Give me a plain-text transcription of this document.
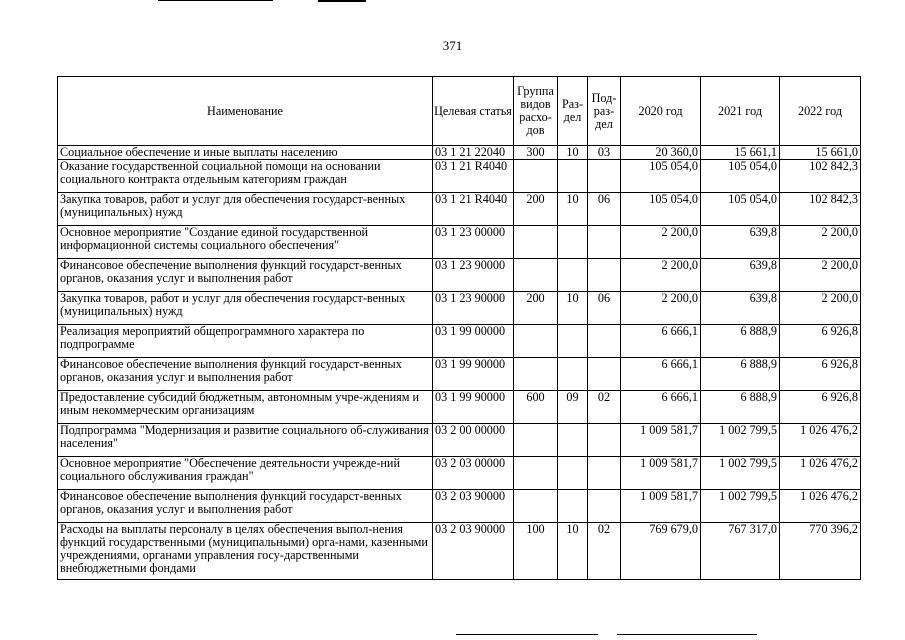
371
Наименование	Целевая статья	Группа видов расхо-дов	Раз-дел	Под-раз-дел	2020 год	2021 год	2022 год
Социальное обеспечение и иные выплаты населению	03 1 21 22040	300	10	03	20 360,0	15 661,1	15 661,0
Оказание государственной социальной помощи на основании социального контракта отдельным категориям граждан	03 1 21 R4040				105 054,0	105 054,0	102 842,3
Закупка товаров, работ и услуг для обеспечения государст-венных (муниципальных) нужд	03 1 21 R4040	200	10	06	105 054,0	105 054,0	102 842,3
Основное мероприятие "Создание единой государственной информационной системы социального обеспечения"	03 1 23 00000				2 200,0	639,8	2 200,0
Финансовое обеспечение выполнения функций государст-венных органов, оказания услуг и выполнения работ	03 1 23 90000				2 200,0	639,8	2 200,0
Закупка товаров, работ и услуг для обеспечения государст-венных (муниципальных) нужд	03 1 23 90000	200	10	06	2 200,0	639,8	2 200,0
Реализация мероприятий общепрограммного характера по подпрограмме	03 1 99 00000				6 666,1	6 888,9	6 926,8
Финансовое обеспечение выполнения функций государст-венных органов, оказания услуг и выполнения работ	03 1 99 90000				6 666,1	6 888,9	6 926,8
Предоставление субсидий бюджетным, автономным учре-ждениям и иным некоммерческим организациям	03 1 99 90000	600	09	02	6 666,1	6 888,9	6 926,8
Подпрограмма "Модернизация и развитие социального об-служивания населения"	03 2 00 00000				1 009 581,7	1 002 799,5	1 026 476,2
Основное мероприятие "Обеспечение деятельности учрежде-ний социального обслуживания граждан"	03 2 03 00000				1 009 581,7	1 002 799,5	1 026 476,2
Финансовое обеспечение выполнения функций государст-венных органов, оказания услуг и выполнения работ	03 2 03 90000				1 009 581,7	1 002 799,5	1 026 476,2
Расходы на выплаты персоналу в целях обеспечения выпол-нения функций государственными (муниципальными) орга-нами, казенными учреждениями, органами управления госу-дарственными внебюджетными фондами	03 2 03 90000	100	10	02	769 679,0	767 317,0	770 396,2
